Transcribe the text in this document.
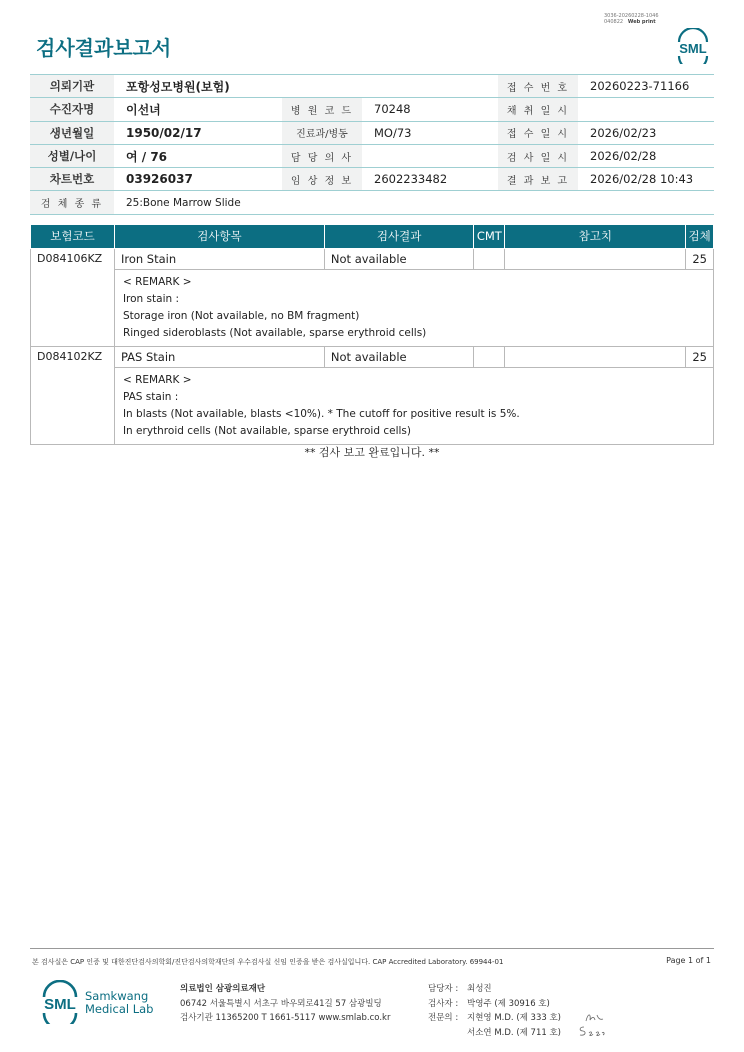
검사결과보고서
3036-20260228-1046
040822 Web print
SML
의뢰기관	포항성모병원(보험)			접 수 번 호	20260223-71166
수진자명	이선녀	병 원 코 드	70248	채 취 일 시	
생년월일	1950/02/17	진료과/병동	MO/73	접 수 일 시	2026/02/23
성별/나이	여 / 76	담 당 의 사		검 사 일 시	2026/02/28
차트번호	03926037	임 상 정 보	2602233482	결 과 보 고	2026/02/28 10:43
검 체 종 류	25:Bone Marrow Slide				
보험코드	검사항목	검사결과	CMT	참고치	검체
D084106KZ	Iron Stain	Not available			25

	< REMARK >
Iron stain :
Storage iron (Not available, no BM fragment)
Ringed sideroblasts (Not available, sparse erythroid cells)				

D084102KZ	PAS Stain	Not available			25

	< REMARK >
PAS stain :
In blasts (Not available, blasts <10%). * The cutoff for positive result is 5%.
In erythroid cells (Not available, sparse erythroid cells)				
** 검사 보고 완료입니다. **
본 검사실은 CAP 인증 및 대한진단검사의학회/진단검사의학재단의 우수검사실 신임 인증을 받은 검사실입니다. CAP Accredited Laboratory. 69944-01	Page 1 of 1
SML Samkwang
Medical Lab
의료법인 삼광의료재단
06742 서울특별시 서초구 바우뫼로41길 57 삼광빌딩
검사기관 11365200 T 1661-5117 www.smlab.co.kr
담당자 :	최성진
검사자 :	박영주 (제 30916 호)
전문의 :	지현영 M.D. (제 333 호)
서소연 M.D. (제 711 호)
